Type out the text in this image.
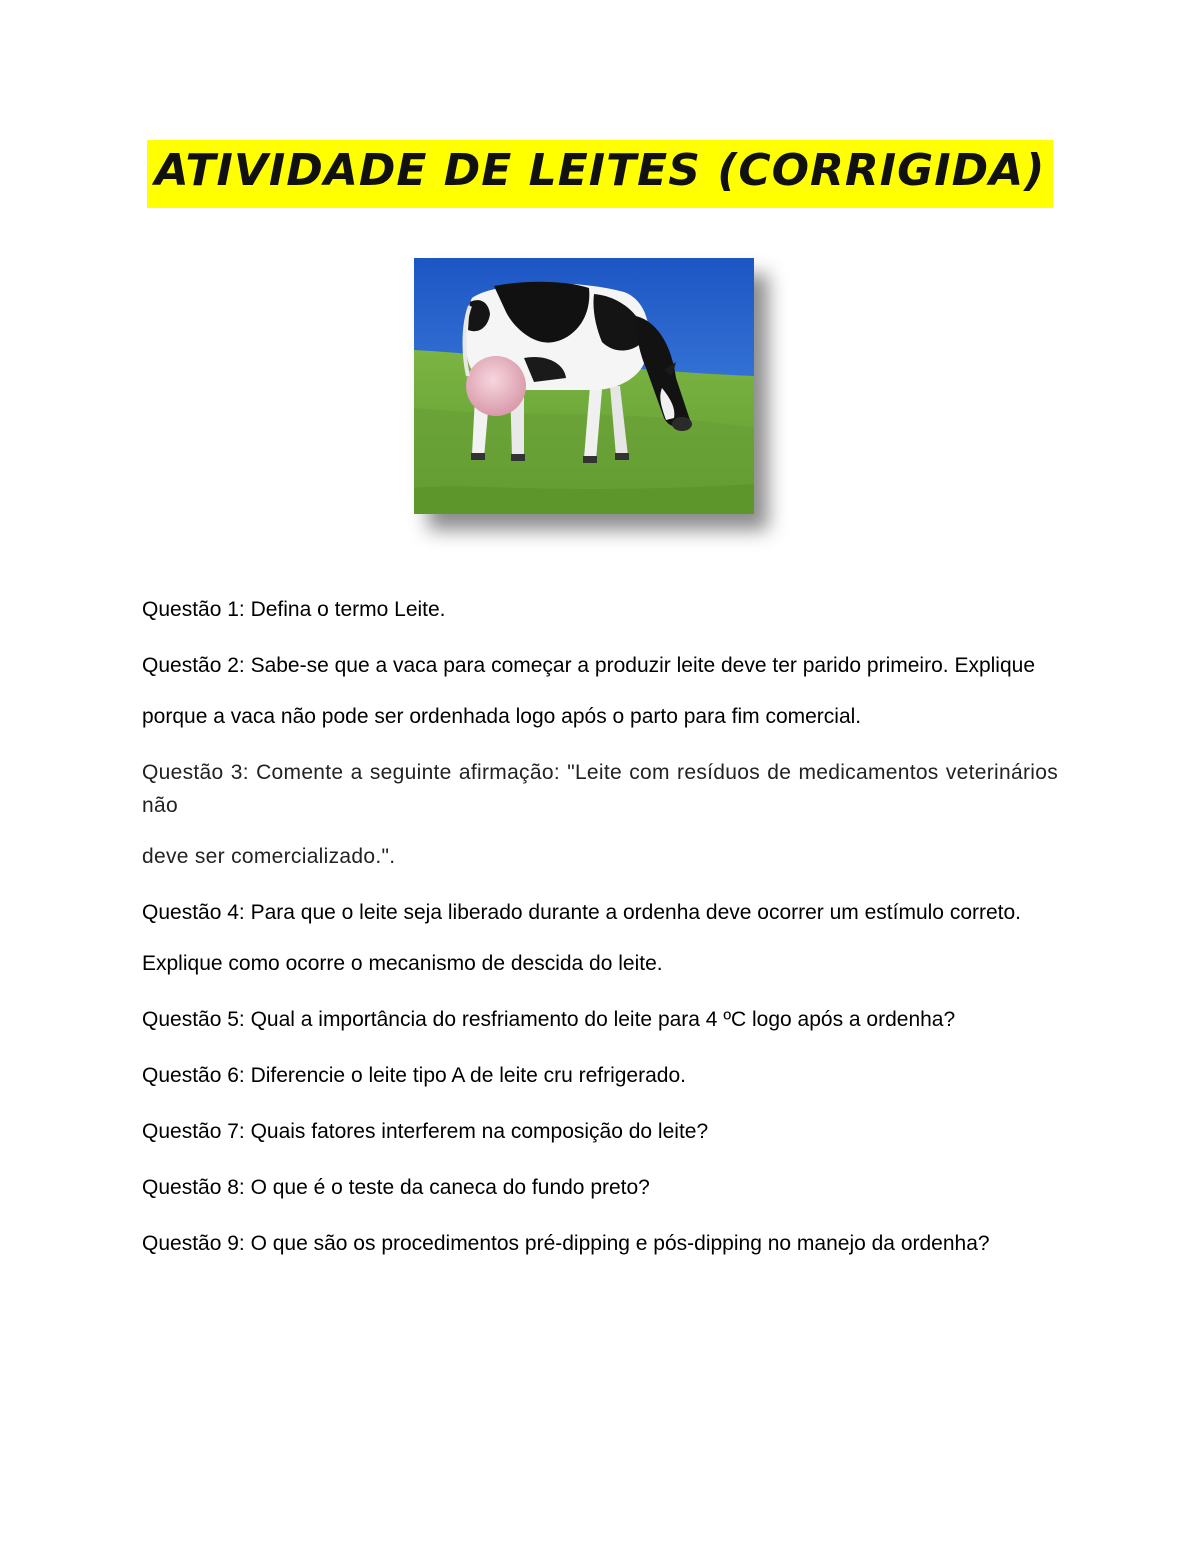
ATIVIDADE DE LEITES (CORRIGIDA)

Questão 1: Defina o termo Leite.

Questão 2: Sabe-se que a vaca para começar a produzir leite deve ter parido primeiro. Explique

porque a vaca não pode ser ordenhada logo após o parto para fim comercial.

Questão 3: Comente a seguinte afirmação: "Leite com resíduos de medicamentos veterinários não

deve ser comercializado.".

Questão 4: Para que o leite seja liberado durante a ordenha deve ocorrer um estímulo correto.

Explique como ocorre o mecanismo de descida do leite.

Questão 5: Qual a importância do resfriamento do leite para 4 ºC logo após a ordenha?

Questão 6: Diferencie o leite tipo A de leite cru refrigerado.

Questão 7: Quais fatores interferem na composição do leite?

Questão 8: O que é o teste da caneca do fundo preto?

Questão 9: O que são os procedimentos pré-dipping e pós-dipping no manejo da ordenha?
